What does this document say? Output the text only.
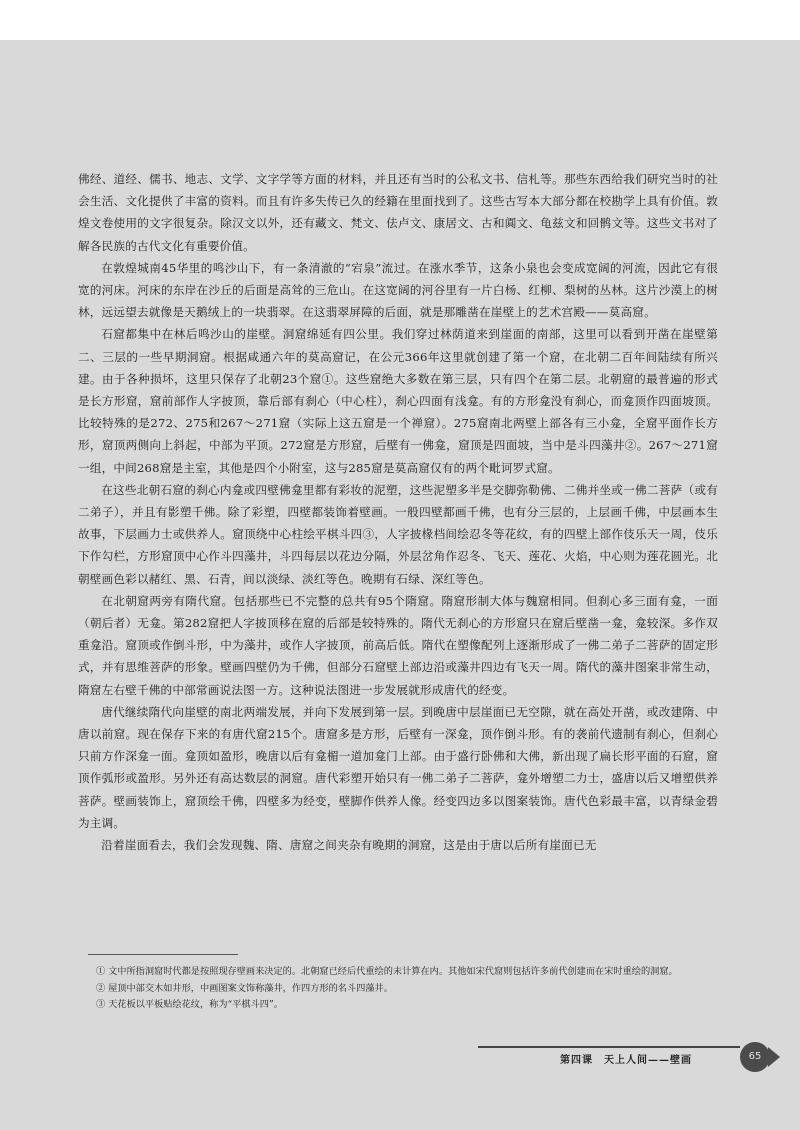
佛经、道经、儒书、地志、文学、文字学等方面的材料，并且还有当时的公私文书、信札等。那些东西给我们研究当时的社会生活、文化提供了丰富的资料。而且有许多失传已久的经籍在里面找到了。这些古写本大部分都在校勘学上具有价值。敦煌文卷使用的文字很复杂。除汉文以外，还有藏文、梵文、佉卢文、康居文、古和阗文、龟兹文和回鹘文等。这些文书对了解各民族的古代文化有重要价值。

在敦煌城南45华里的鸣沙山下，有一条清澈的“宕泉”流过。在涨水季节，这条小泉也会变成宽阔的河流，因此它有很宽的河床。河床的东岸在沙丘的后面是高耸的三危山。在这宽阔的河谷里有一片白杨、红柳、梨树的丛林。这片沙漠上的树林，远远望去就像是天鹅绒上的一块翡翠。在这翡翠屏障的后面，就是那雕凿在崖壁上的艺术宫殿——莫高窟。

石窟都集中在林后鸣沙山的崖壁。洞窟绵延有四公里。我们穿过林荫道来到崖面的南部，这里可以看到开凿在崖壁第二、三层的一些早期洞窟。根据咸通六年的莫高窟记，在公元366年这里就创建了第一个窟，在北朝二百年间陆续有所兴建。由于各种损坏，这里只保存了北朝23个窟①。这些窟绝大多数在第三层，只有四个在第二层。北朝窟的最普遍的形式是长方形窟，窟前部作人字披顶，靠后部有刹心（中心柱），刹心四面有浅龛。有的方形龛没有刹心，而龛顶作四面坡顶。比较特殊的是272、275和267～271窟（实际上这五窟是一个禅窟）。275窟南北两壁上部各有三小龛，全窟平面作长方形，窟顶两侧向上斜起，中部为平顶。272窟是方形窟，后壁有一佛龛，窟顶是四面坡，当中是斗四藻井②。267～271窟一组，中间268窟是主室，其他是四个小附室，这与285窟是莫高窟仅有的两个毗诃罗式窟。

在这些北朝石窟的刹心内龛或四壁佛龛里都有彩妆的泥塑，这些泥塑多半是交脚弥勒佛、二佛并坐或一佛二菩萨（或有二弟子），并且有影塑千佛。除了彩塑，四壁都装饰着壁画。一般四壁都画千佛，也有分三层的，上层画千佛，中层画本生故事，下层画力士或供养人。窟顶绕中心柱绘平棋斗四③，人字披椽档间绘忍冬等花纹，有的四壁上部作伎乐天一周，伎乐下作勾栏，方形窟顶中心作斗四藻井，斗四每层以花边分隔，外层岔角作忍冬、飞天、莲花、火焰，中心则为莲花圆光。北朝壁画色彩以赭红、黑、石青，间以淡绿、淡红等色。晚期有石绿、深红等色。

在北朝窟两旁有隋代窟。包括那些已不完整的总共有95个隋窟。隋窟形制大体与魏窟相同。但刹心多三面有龛，一面（朝后者）无龛。第282窟把人字披顶移在窟的后部是较特殊的。隋代无刹心的方形窟只在窟后壁凿一龛，龛较深。多作双重龛沿。窟顶或作倒斗形，中为藻井，或作人字披顶，前高后低。隋代在塑像配列上逐渐形成了一佛二弟子二菩萨的固定形式，并有思维菩萨的形象。壁画四壁仍为千佛，但部分石窟壁上部边沿或藻井四边有飞天一周。隋代的藻井图案非常生动，隋窟左右壁千佛的中部常画说法图一方。这种说法图进一步发展就形成唐代的经变。

唐代继续隋代向崖壁的南北两端发展，并向下发展到第一层。到晚唐中层崖面已无空隙，就在高处开凿，或改建隋、中唐以前窟。现在保存下来的有唐代窟215个。唐窟多是方形，后壁有一深龛，顶作倒斗形。有的袭前代遗制有刹心，但刹心只前方作深龛一面。龛顶如盈形，晚唐以后有龛楣一道加龛门上部。由于盛行卧佛和大佛，新出现了扁长形平面的石窟，窟顶作弧形或盈形。另外还有高达数层的洞窟。唐代彩塑开始只有一佛二弟子二菩萨，龛外增塑二力士，盛唐以后又增塑供养菩萨。壁画装饰上，窟顶绘千佛，四壁多为经变，壁脚作供养人像。经变四边多以图案装饰。唐代色彩最丰富，以青绿金碧为主调。

沿着崖面看去，我们会发现魏、隋、唐窟之间夹杂有晚期的洞窟，这是由于唐以后所有崖面已无

① 文中所指洞窟时代都是按照现存壁画来决定的。北朝窟已经后代重绘的未计算在内。其他如宋代窟则包括许多前代创建而在宋时重绘的洞窟。
② 屋顶中部交木如井形，中画图案文饰称藻井，作四方形的名斗四藻井。
③ 天花板以平板贴绘花纹，称为“平棋斗四”。
第四课　天上人间——壁画	65
